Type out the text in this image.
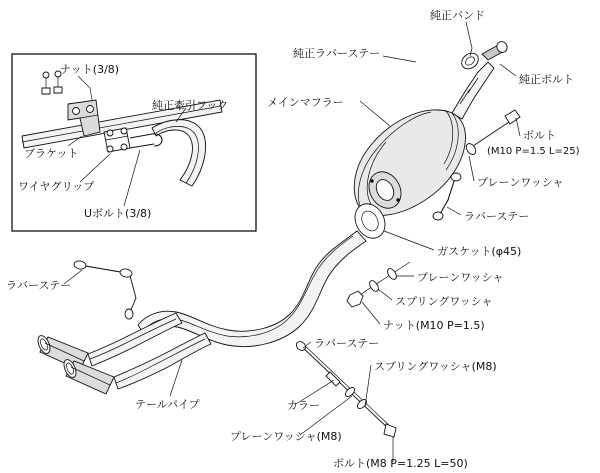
純正バンド
純正ラバーステー
純正ボルト
メインマフラー
ボルト
(M10 P=1.5 L=25)
プレーンワッシャ
ラバーステー
ガスケット(φ45)
プレーンワッシャ
スプリングワッシャ
ナット(M10 P=1.5)
スプリングワッシャ(M8)
ラバーステー
カラー
プレーンワッシャ(M8)
ボルト(M8 P=1.25 L=50)
ラバーステー
テールパイプ
ナット(3/8)
純正牽引フック
ブラケット
ワイヤグリップ
Uボルト(3/8)
